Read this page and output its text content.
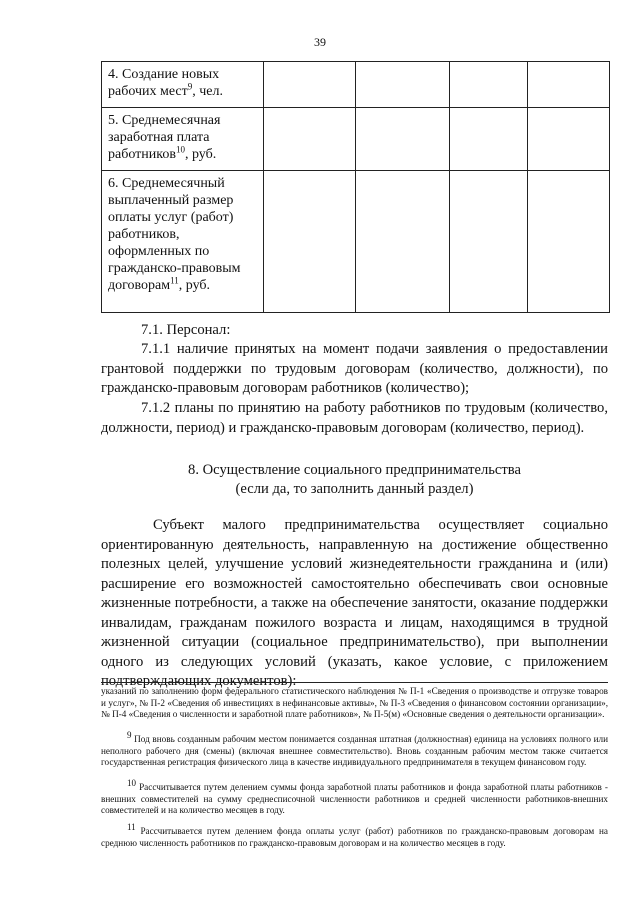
39
4. Создание новых рабочих мест$^9$, чел.				
5. Среднемесячная заработная плата работников$^{10}$, руб.				
6. Среднемесячный выплаченный размер оплаты услуг (работ) работников, оформленных по гражданско-правовым договорам$^{11}$, руб.				
7.1. Персонал:
7.1.1 наличие принятых на момент подачи заявления о предоставлении грантовой поддержки по трудовым договорам (количество, должности), по гражданско-правовым договорам работников (количество);
7.1.2 планы по принятию на работу работников по трудовым (количество, должности, период) и гражданско-правовым договорам (количество, период).
8. Осуществление социального предпринимательства
(если да, то заполнить данный раздел)
Субъект малого предпринимательства осуществляет социально ориентированную деятельность, направленную на достижение общественно полезных целей, улучшение условий жизнедеятельности гражданина и (или) расширение его возможностей самостоятельно обеспечивать свои основные жизненные потребности, а также на обеспечение занятости, оказание поддержки инвалидам, гражданам пожилого возраста и лицам, находящимся в трудной жизненной ситуации (социальное предпринимательство), при выполнении одного из следующих условий (указать, какое условие, с приложением подтверждающих документов):
указаний по заполнению форм федерального статистического наблюдения № П-1 «Сведения о производстве и отгрузке товаров и услуг», № П-2 «Сведения об инвестициях в нефинансовые активы», № П-3 «Сведения о финансовом состоянии организации», № П-4 «Сведения о численности и заработной плате работников», № П-5(м) «Основные сведения о деятельности организации».
$^9$ Под вновь созданным рабочим местом понимается созданная штатная (должностная) единица на условиях полного или неполного рабочего дня (смены) (включая внешнее совместительство). Вновь созданным рабочим местом также считается государственная регистрация физического лица в качестве индивидуального предпринимателя в текущем финансовом году.
$^{10}$ Рассчитывается путем делением суммы фонда заработной платы работников и фонда заработной платы работников - внешних совместителей на сумму среднесписочной численности работников и средней численности работников-внешних совместителей и на количество месяцев в году.
$^{11}$ Рассчитывается путем делением фонда оплаты услуг (работ) работников по гражданско-правовым договорам на среднюю численность работников по гражданско-правовым договорам и на количество месяцев в году.
